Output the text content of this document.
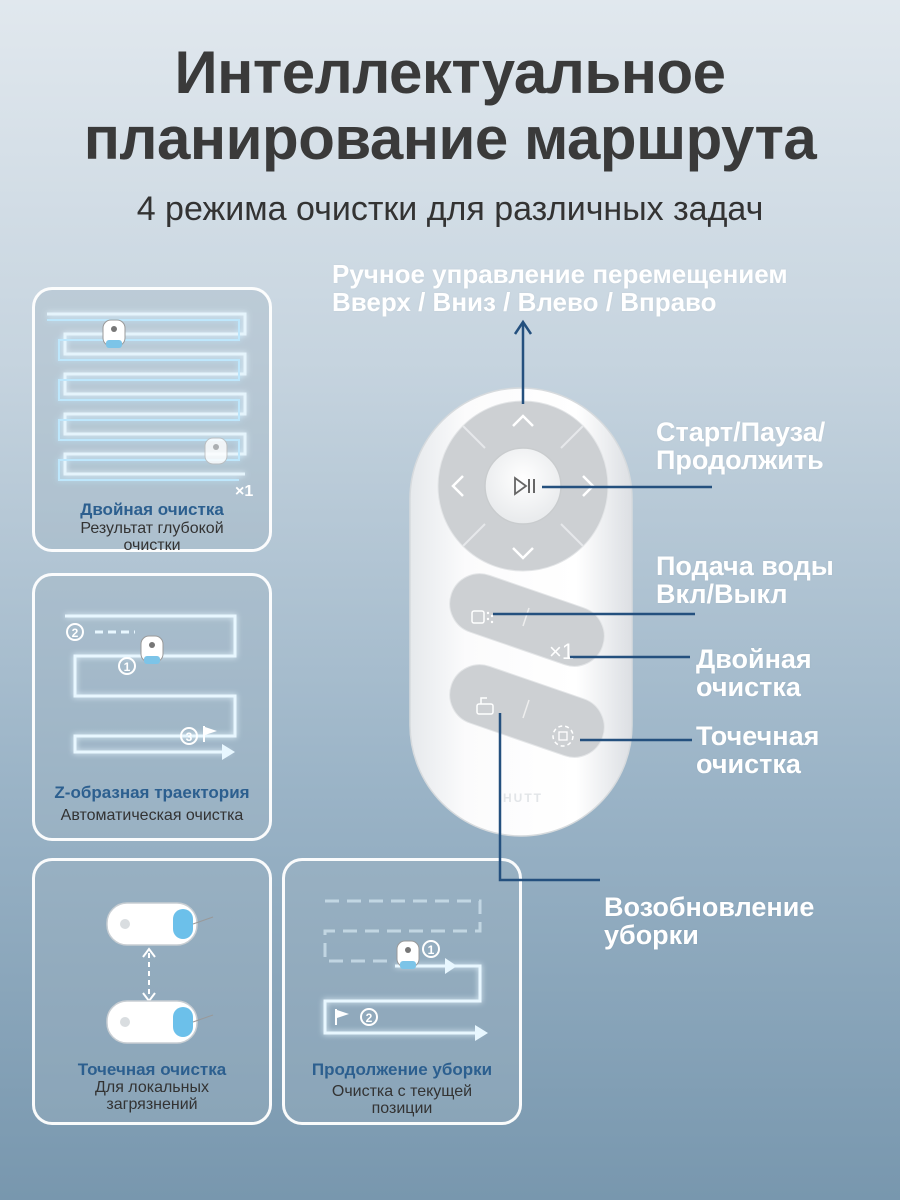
Интеллектуальное
планирование маршрута
4 режима очистки для различных задач
×1
Двойная очистка
Результат глубокой
очистки
2
1
3
Z-образная траектория
Автоматическая очистка
Точечная очистка
Для локальных
загрязнений
1
2
Продолжение уборки
Очистка с текущей
позиции
×1
HUTT
Ручное управление перемещением
Вверх / Вниз / Влево / Вправо
Старт/Пауза/
Продолжить
Подача воды
Вкл/Выкл
Двойная
очистка
Точечная
очистка
Возобновление
уборки
